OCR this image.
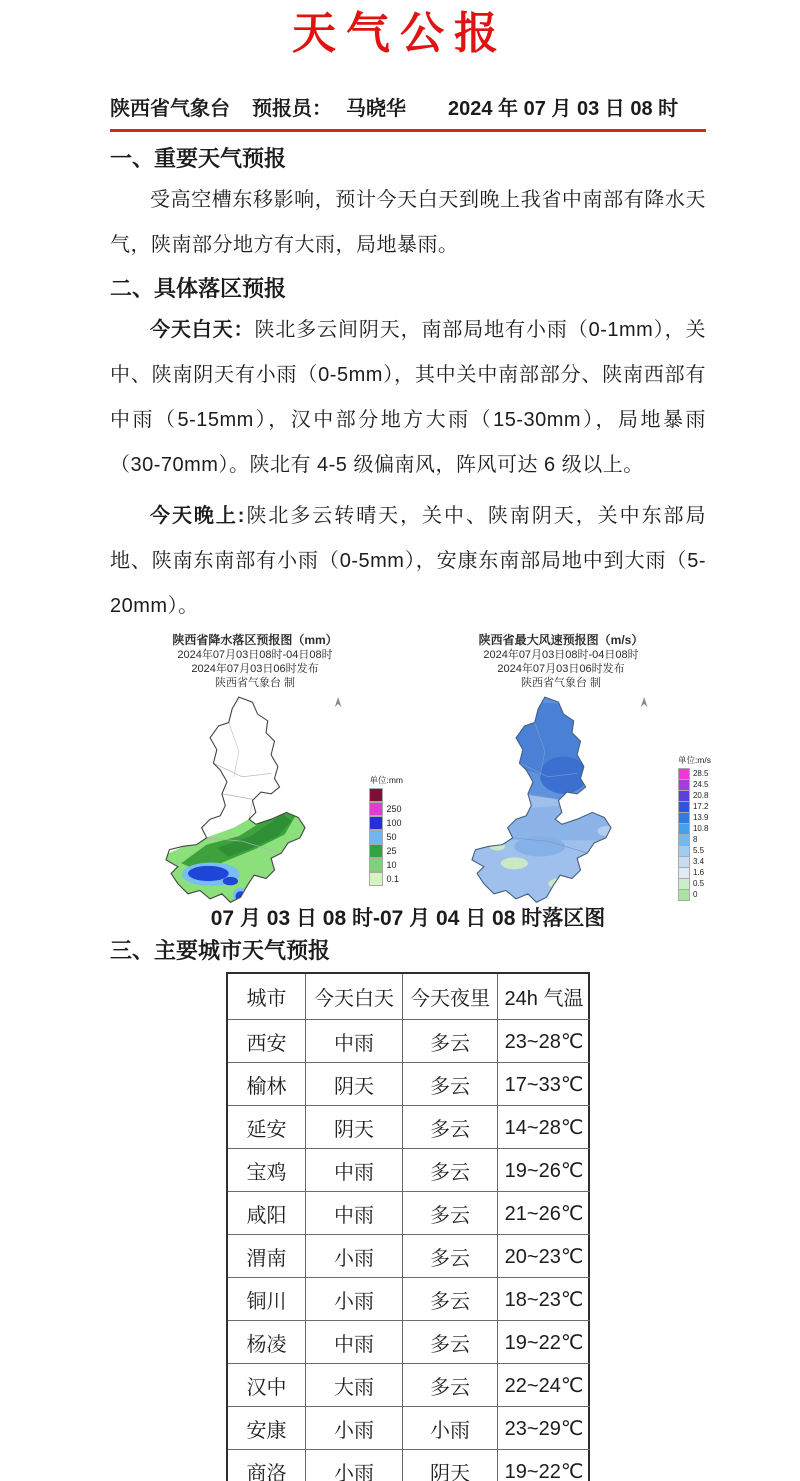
天气公报
陕西省气象台 预报员： 马晓华 2024 年 07 月 03 日 08 时
一、重要天气预报

受高空槽东移影响，预计今天白天到晚上我省中南部有降水天气，陕南部分地方有大雨，局地暴雨。

二、具体落区预报

今天白天：陕北多云间阴天，南部局地有小雨（0-1mm），关中、陕南阴天有小雨（0-5mm），其中关中南部部分、陕南西部有中雨（5-15mm），汉中部分地方大雨（15-30mm），局地暴雨（30-70mm）。陕北有 4-5 级偏南风，阵风可达 6 级以上。

今天晚上:陕北多云转晴天，关中、陕南阴天，关中东部局地、陕南东南部有小雨（0-5mm），安康东南部局地中到大雨（5-20mm）。

陕西省降水落区预报图（mm）
2024年07月03日08时-04日08时
2024年07月03日06时发布
陕西省气象台 制
单位:mm
250
100
50
25
10
0.1
陕西省最大风速预报图（m/s）
2024年07月03日08时-04日08时
2024年07月03日06时发布
陕西省气象台 制
单位:m/s
28.5
24.5
20.8
17.2
13.9
10.8
8
5.5
3.4
1.6
0.5
0
07 月 03 日 08 时-07 月 04 日 08 时落区图
三、主要城市天气预报
城市	今天白天 今天夜里 24h 气温
西安	中雨	多云	23~28℃
榆林	阴天	多云	17~33℃
延安	阴天	多云	14~28℃
宝鸡	中雨	多云	19~26℃
咸阳	中雨	多云	21~26℃
渭南	小雨	多云	20~23℃
铜川	小雨	多云	18~23℃
杨凌	中雨	多云	19~22℃
汉中	大雨	多云	22~24℃
安康	小雨	小雨	23~29℃
商洛	小雨	阴天	19~22℃
